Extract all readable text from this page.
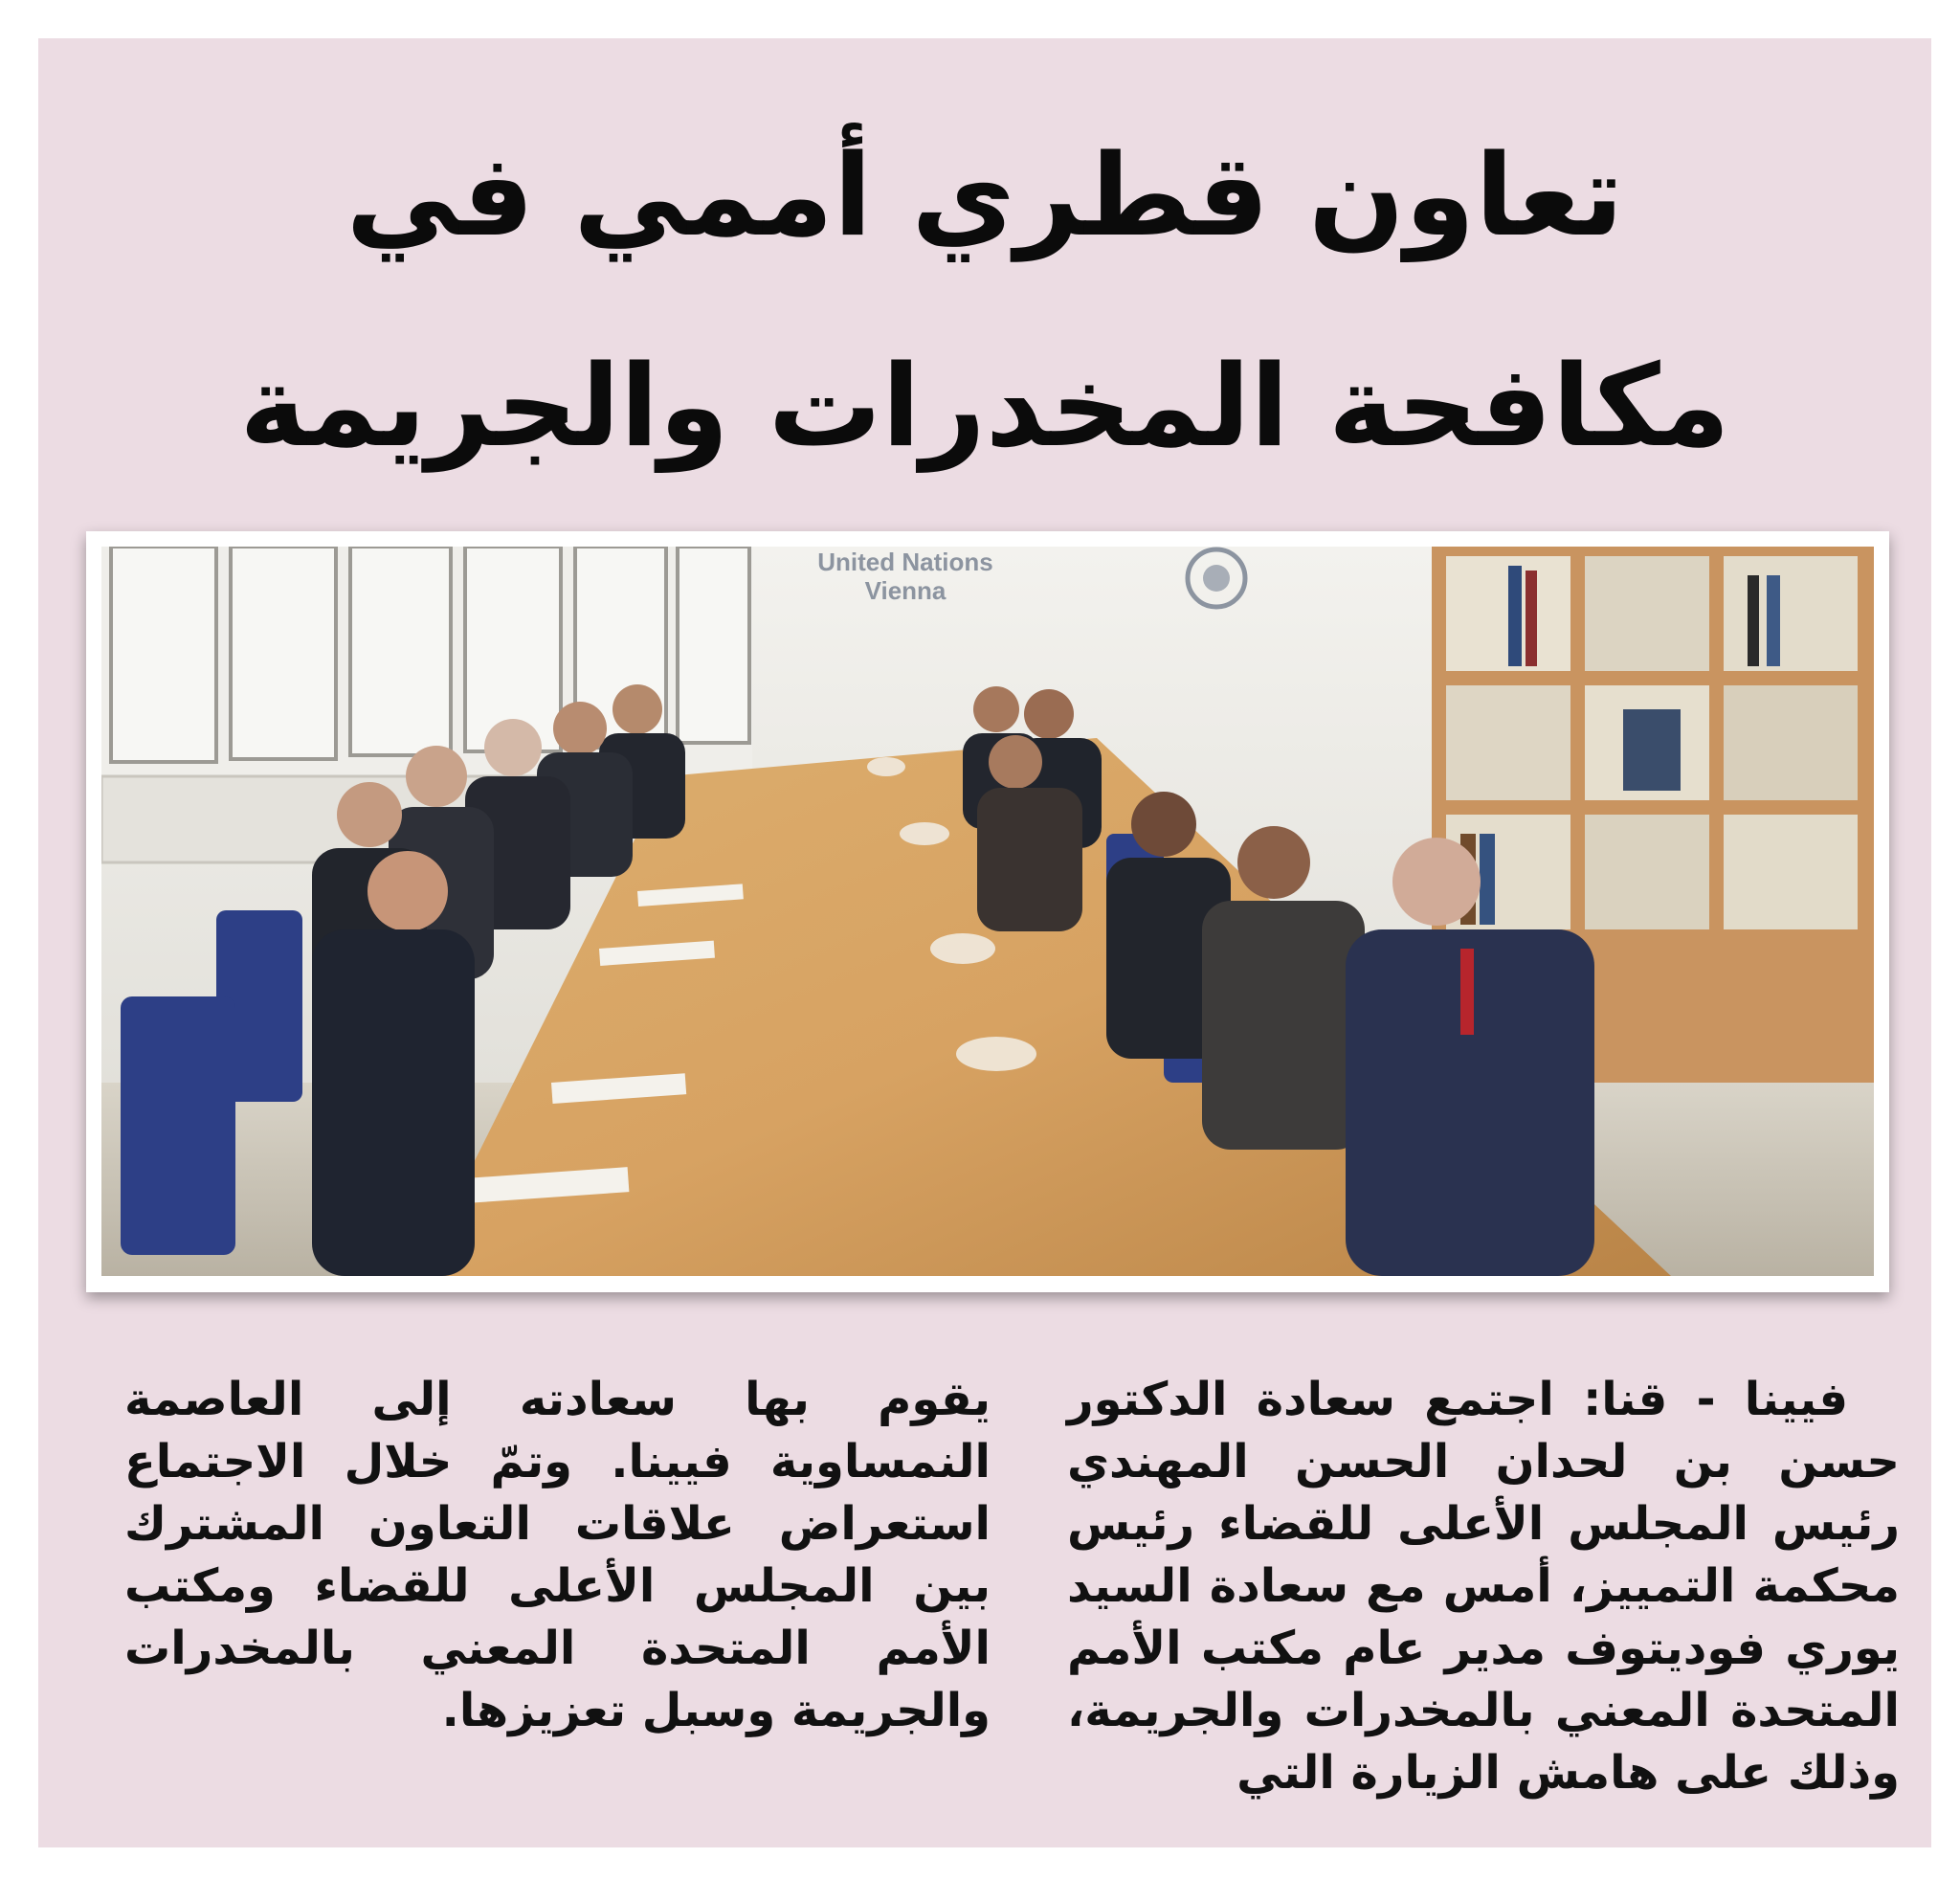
تعاون قطري أممي في
مكافحة المخدرات والجريمة
United Nations
Vienna

فيينا - قنا: اجتمع سعادة الدكتور حسن بن لحدان الحسن المهندي رئيس المجلس الأعلى للقضاء رئيس محكمة التمييز، أمس مع سعادة السيد يوري فوديتوف مدير عام مكتب الأمم المتحدة المعني بالمخدرات والجريمة، وذلك على هامش الزيارة التي

يقوم بها سعادته إلى العاصمة النمساوية فيينا. وتمّ خلال الاجتماع استعراض علاقات التعاون المشترك بين المجلس الأعلى للقضاء ومكتب الأمم المتحدة المعني بالمخدرات والجريمة وسبل تعزيزها.
